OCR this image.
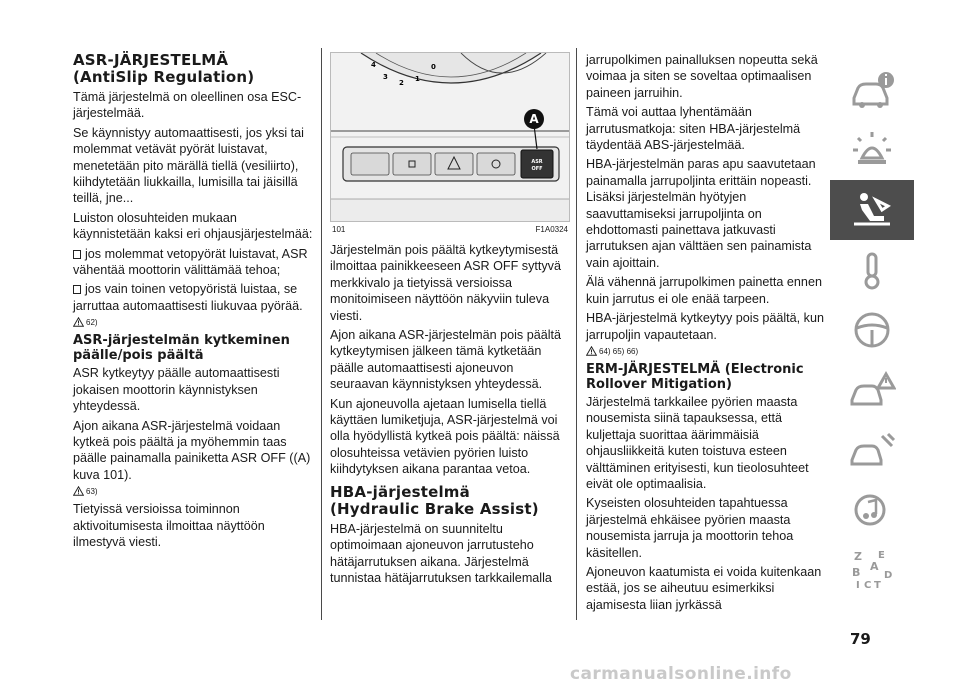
ASR-JÄRJESTELMÄ
(AntiSlip Regulation)

Tämä järjestelmä on oleellinen osa ESC-järjestelmää.

Se käynnistyy automaattisesti, jos yksi tai molemmat vetävät pyörät luistavat, menetetään pito märällä tiellä (vesiliirto), kiihdytetään liukkailla, lumisilla tai jäisillä teillä, jne...

Luiston olosuhteiden mukaan käynnistetään kaksi eri ohjausjärjestelmää:

jos molemmat vetopyörät luistavat, ASR vähentää moottorin välittämää tehoa;
jos vain toinen vetopyöristä luistaa, se jarruttaa automaattisesti liukuvaa pyörää.
62)
ASR-järjestelmän kytkeminen
päälle/pois päältä

ASR kytkeytyy päälle automaattisesti jokaisen moottorin käynnistyksen yhteydessä.

Ajon aikana ASR-järjestelmä voidaan kytkeä pois päältä ja myöhemmin taas päälle painamalla painiketta ASR OFF ((A) kuva 101).

63)

Tietyissä versioissa toiminnon aktivoitumisesta ilmoittaa näyttöön ilmestyvä viesti.

4
3
2 1
0
ASR
OFF
A
101	F1A0324

Järjestelmän pois päältä kytkeytymisestä ilmoittaa painikkeeseen ASR OFF syttyvä merkkivalo ja tietyissä versioissa monitoimiseen näyttöön näkyviin tuleva viesti.

Ajon aikana ASR-järjestelmän pois päältä kytkeytymisen jälkeen tämä kytketään päälle automaattisesti ajoneuvon seuraavan käynnistyksen yhteydessä.

Kun ajoneuvolla ajetaan lumisella tiellä käyttäen lumiketjuja, ASR-järjestelmä voi olla hyödyllistä kytkeä pois päältä: näissä olosuhteissa vetävien pyörien luisto kiihdytyksen aikana parantaa vetoa.

HBA-järjestelmä
(Hydraulic Brake Assist)

HBA-järjestelmä on suunniteltu optimoimaan ajoneuvon jarrutusteho hätäjarrutuksen aikana. Järjestelmä tunnistaa hätäjarrutuksen tarkkailemalla

jarrupolkimen painalluksen nopeutta sekä voimaa ja siten se soveltaa optimaalisen paineen jarruihin.

Tämä voi auttaa lyhentämään jarrutusmatkoja: siten HBA-järjestelmä täydentää ABS-järjestelmää.

HBA-järjestelmän paras apu saavutetaan painamalla jarrupoljinta erittäin nopeasti. Lisäksi järjestelmän hyötyjen saavuttamiseksi jarrupoljinta on ehdottomasti painettava jatkuvasti jarrutuksen ajan välttäen sen painamista vain ajoittain.

Älä vähennä jarrupolkimen painetta ennen kuin jarrutus ei ole enää tarpeen.

HBA-järjestelmä kytkeytyy pois päältä, kun jarrupoljin vapautetaan.

64) 65) 66)
ERM-JÄRJESTELMÄ (Electronic
Rollover Mitigation)

Järjestelmä tarkkailee pyörien maasta nousemista siinä tapauksessa, että kuljettaja suorittaa äärimmäisiä ohjausliikkeitä kuten toistuva esteen välttäminen erityisesti, kun tieolosuhteet eivät ole optimaalisia.

Kyseisten olosuhteiden tapahtuessa järjestelmä ehkäisee pyörien maasta nousemista jarruja ja moottorin tehoa käsitellen.

Ajoneuvon kaatumista ei voida kuitenkaan estää, jos se aiheutuu esimerkiksi ajamisesta liian jyrkässä

Z E
A
B D
I C T
79
carmanualsonline.info
